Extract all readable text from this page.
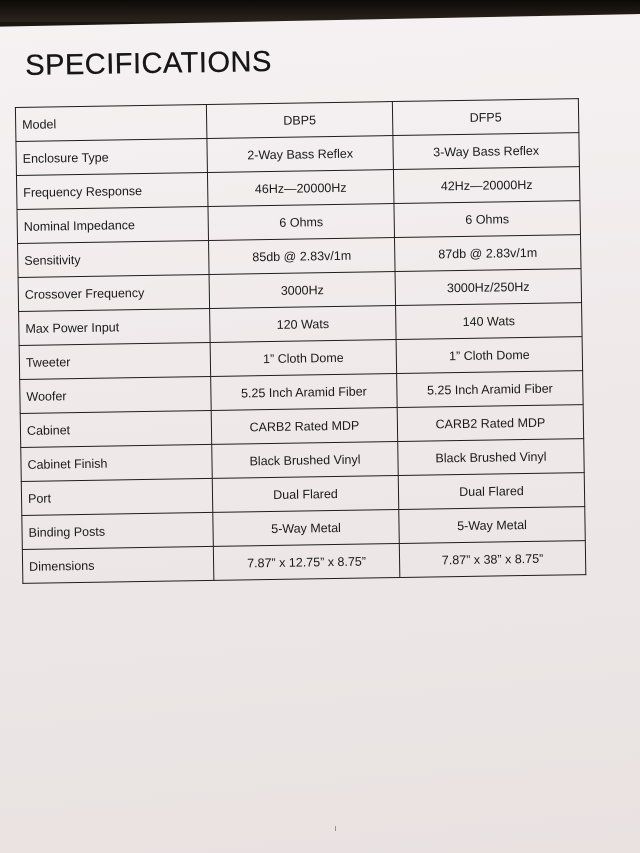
SPECIFICATIONS
Model	DBP5	DFP5
Enclosure Type	2-Way Bass Reflex	3-Way Bass Reflex
Frequency Response	46Hz—20000Hz	42Hz—20000Hz
Nominal Impedance	6 Ohms	6 Ohms
Sensitivity	85db @ 2.83v/1m	87db @ 2.83v/1m
Crossover Frequency	3000Hz	3000Hz/250Hz
Max Power Input	120 Wats	140 Wats
Tweeter	1” Cloth Dome	1” Cloth Dome
Woofer	5.25 Inch Aramid Fiber	5.25 Inch Aramid Fiber
Cabinet	CARB2 Rated MDP	CARB2 Rated MDP
Cabinet Finish	Black Brushed Vinyl	Black Brushed Vinyl
Port	Dual Flared	Dual Flared
Binding Posts	5-Way Metal	5-Way Metal
Dimensions	7.87” x 12.75” x 8.75”	7.87” x 38” x 8.75”
